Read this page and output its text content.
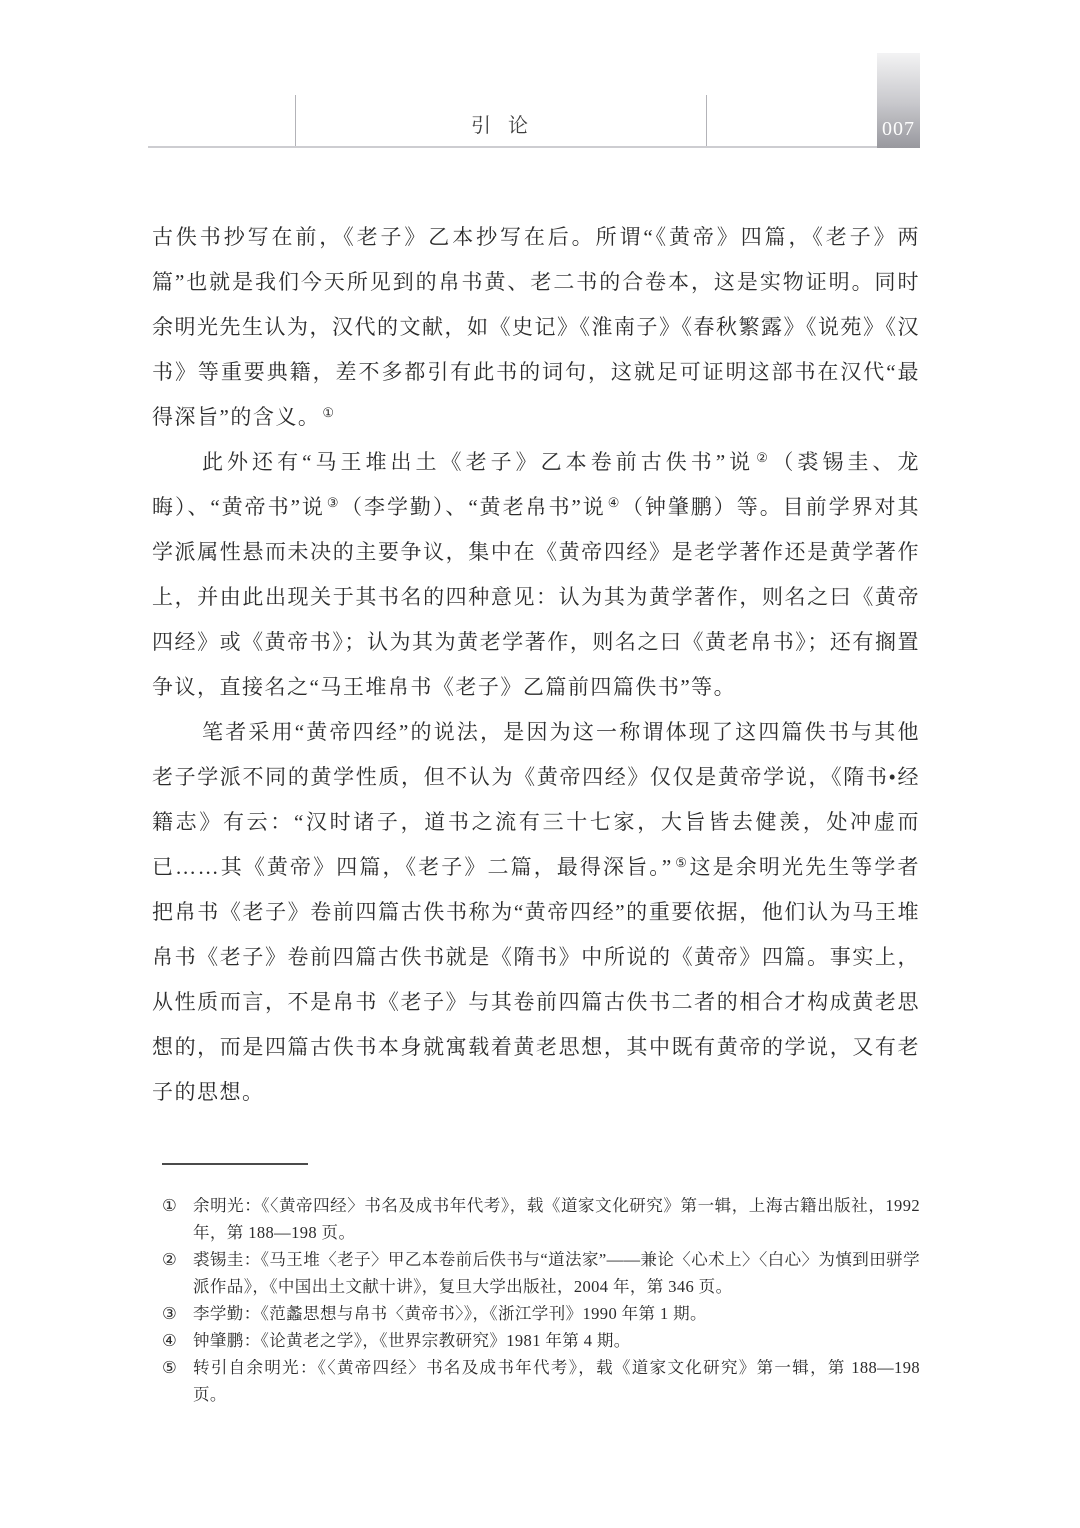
引 论	007

古佚书抄写在前，《老子》乙本抄写在后。所谓“《黄帝》四篇，《老子》两篇”也就是我们今天所见到的帛书黄、老二书的合卷本，这是实物证明。同时余明光先生认为，汉代的文献，如《史记》《淮南子》《春秋繁露》《说苑》《汉书》等重要典籍，差不多都引有此书的词句，这就足可证明这部书在汉代“最得深旨”的含义。 ①

此外还有“马王堆出土《老子》乙本卷前古佚书”说 ②（裘锡圭、龙晦）、“黄帝书”说 ③（李学勤）、“黄老帛书”说 ④（钟肇鹏）等。目前学界对其学派属性悬而未决的主要争议，集中在《黄帝四经》是老学著作还是黄学著作上，并由此出现关于其书名的四种意见：认为其为黄学著作，则名之曰《黄帝四经》或《黄帝书》；认为其为黄老学著作，则名之曰《黄老帛书》；还有搁置争议，直接名之“马王堆帛书《老子》乙篇前四篇佚书”等。

笔者采用“黄帝四经”的说法，是因为这一称谓体现了这四篇佚书与其他老子学派不同的黄学性质，但不认为《黄帝四经》仅仅是黄帝学说，《隋书•经籍志》有云：“汉时诸子，道书之流有三十七家，大旨皆去健羡，处冲虚而已……其《黄帝》四篇，《老子》二篇，最得深旨。” ⑤这是余明光先生等学者把帛书《老子》卷前四篇古佚书称为“黄帝四经”的重要依据，他们认为马王堆帛书《老子》卷前四篇古佚书就是《隋书》中所说的《黄帝》四篇。事实上，从性质而言，不是帛书《老子》与其卷前四篇古佚书二者的相合才构成黄老思想的，而是四篇古佚书本身就寓载着黄老思想，其中既有黄帝的学说，又有老子的思想。

① 余明光：《〈黄帝四经〉书名及成书年代考》，载《道家文化研究》第一辑，上海古籍出版社，1992 年，第 188—198 页。
② 裘锡圭：《马王堆〈老子〉甲乙本卷前后佚书与“道法家”——兼论〈心术上〉〈白心〉为慎到田骈学派作品》，《中国出土文献十讲》，复旦大学出版社，2004 年，第 346 页。
③ 李学勤：《范蠡思想与帛书〈黄帝书〉》，《浙江学刊》1990 年第 1 期。
④ 钟肇鹏：《论黄老之学》，《世界宗教研究》1981 年第 4 期。
⑤ 转引自余明光：《〈黄帝四经〉书名及成书年代考》，载《道家文化研究》第一辑，第 188—198 页。
